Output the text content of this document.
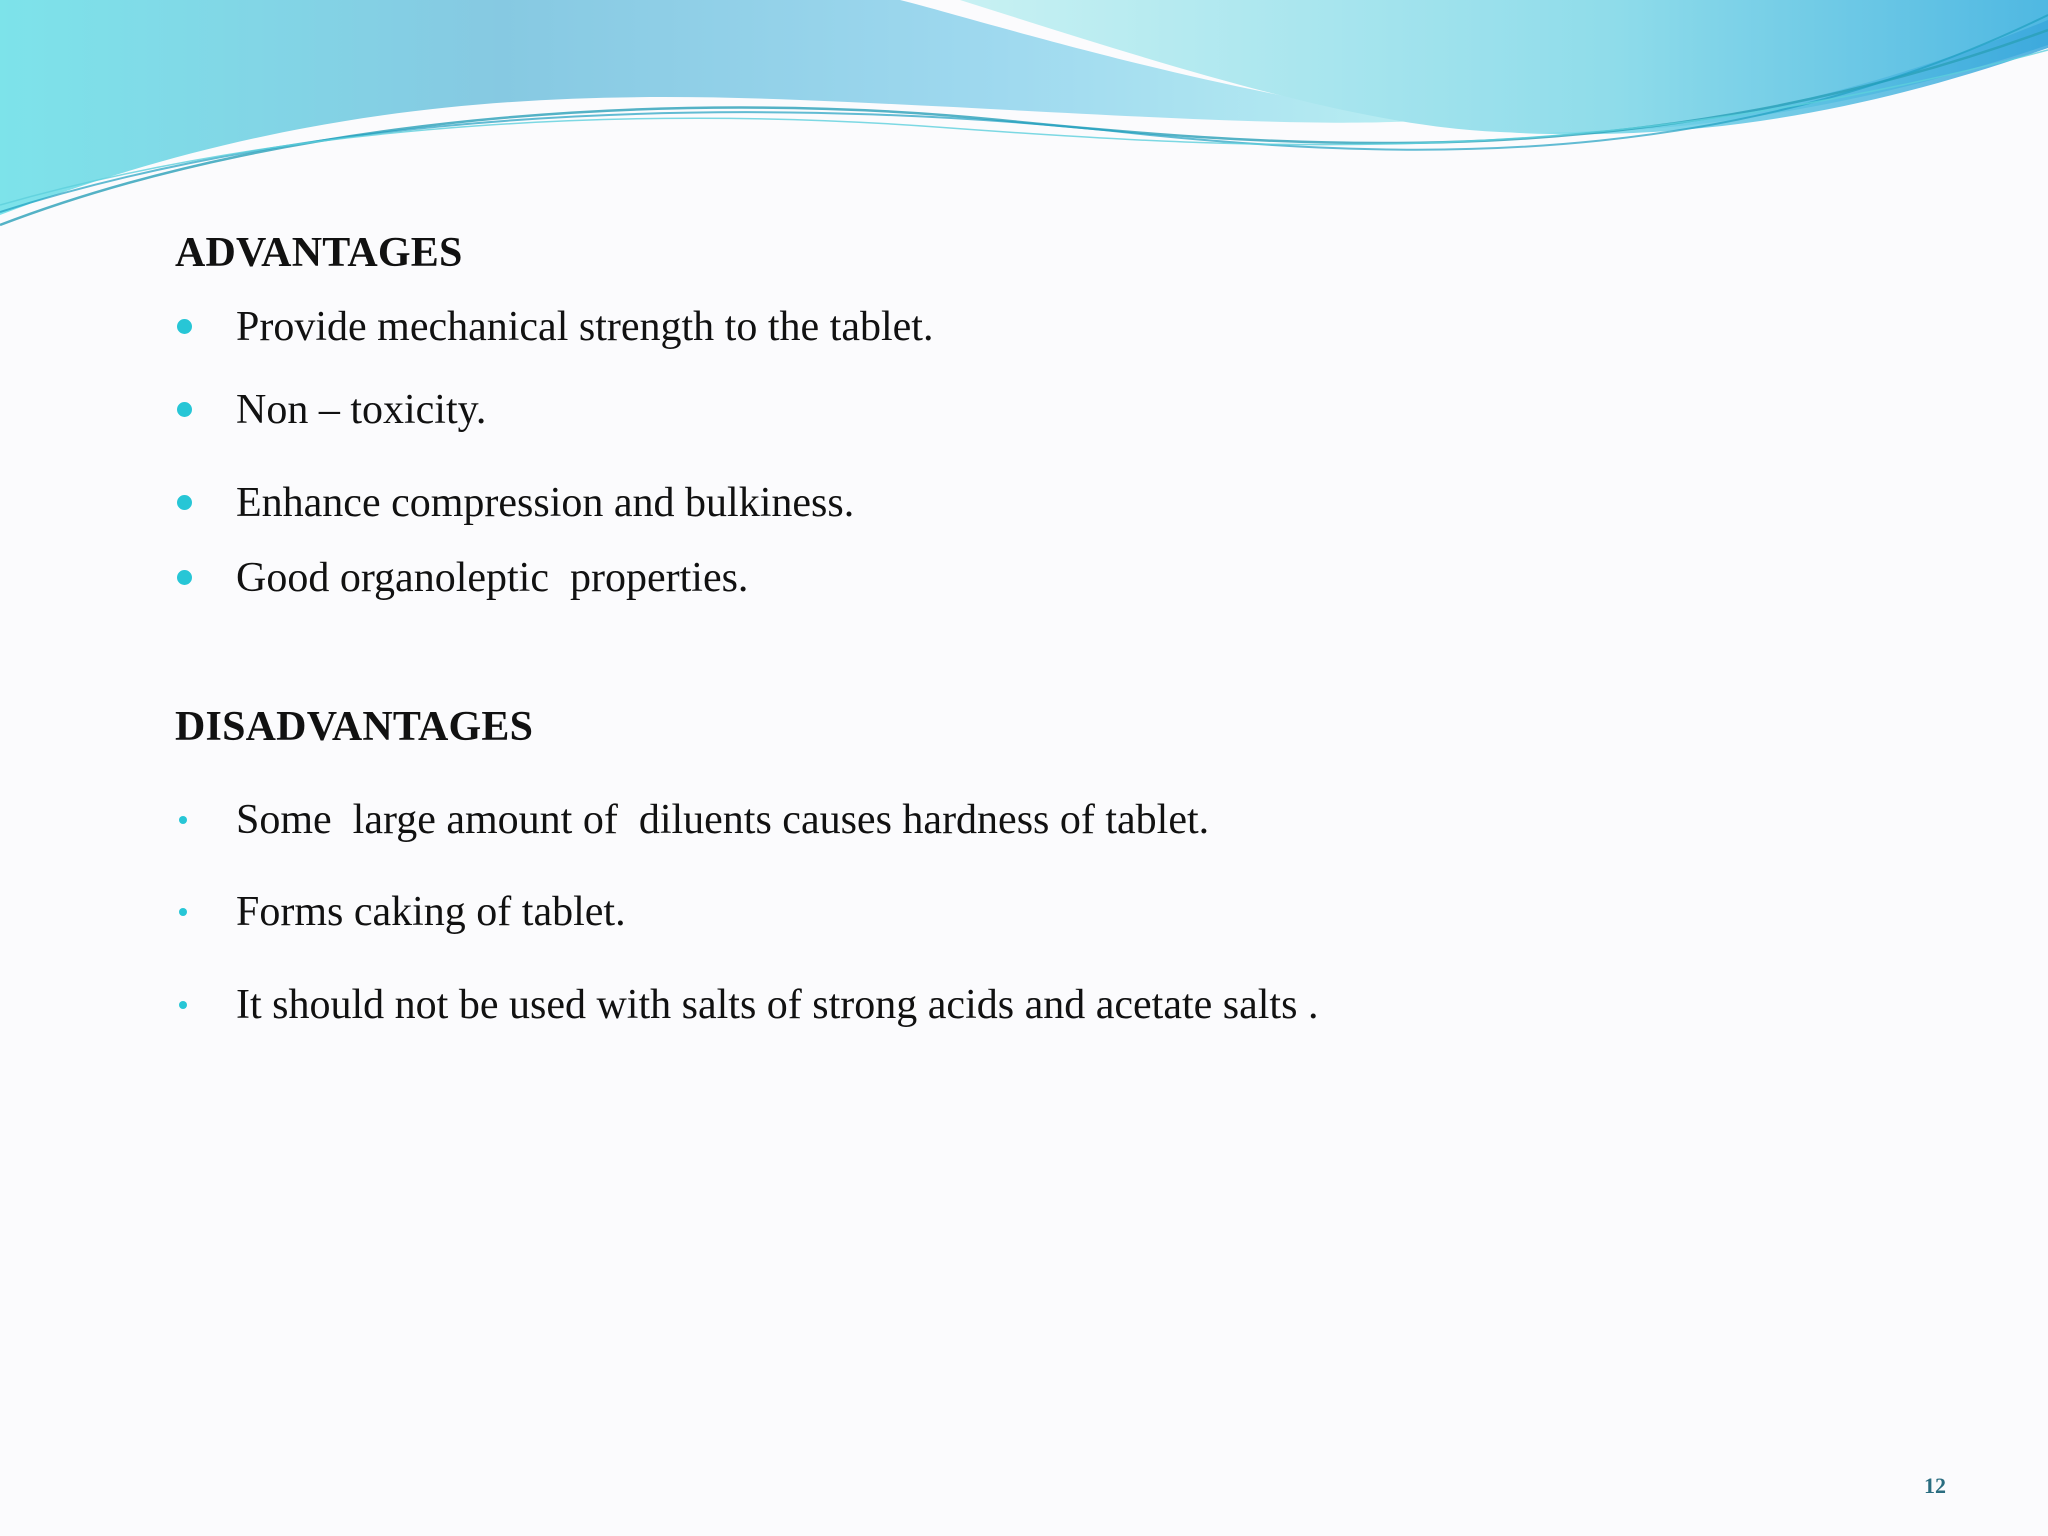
ADVANTAGES
Provide mechanical strength to the tablet.
Non – toxicity.
Enhance compression and bulkiness.
Good organoleptic  properties.
DISADVANTAGES
Some  large amount of  diluents causes hardness of tablet.
Forms caking of tablet.
It should not be used with salts of strong acids and acetate salts .
12
